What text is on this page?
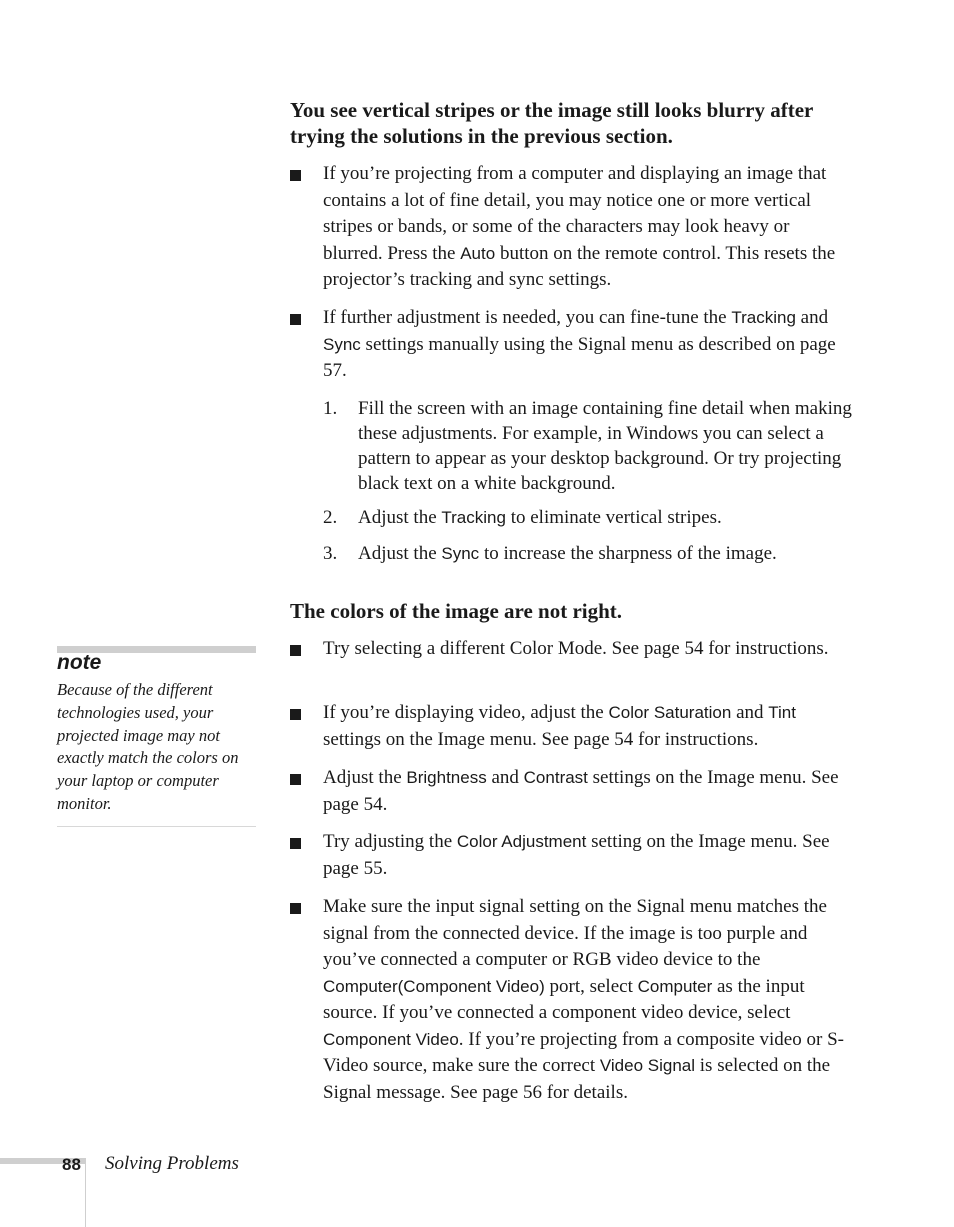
You see vertical stripes or the image still looks blurry after trying the solutions in the previous section.
If you’re projecting from a computer and displaying an image that contains a lot of fine detail, you may notice one or more vertical stripes or bands, or some of the characters may look heavy or blurred. Press the Auto button on the remote control. This resets the projector’s tracking and sync settings.
If further adjustment is needed, you can fine-tune the Tracking and Sync settings manually using the Signal menu as described on page 57.
1. Fill the screen with an image containing fine detail when making these adjustments. For example, in Windows you can select a pattern to appear as your desktop background. Or try projecting black text on a white background.
2. Adjust the Tracking to eliminate vertical stripes.
3. Adjust the Sync to increase the sharpness of the image.
The colors of the image are not right.
Try selecting a different Color Mode. See page 54 for instructions.
If you’re displaying video, adjust the Color Saturation and Tint settings on the Image menu. See page 54 for instructions.
Adjust the Brightness and Contrast settings on the Image menu. See page 54.
Try adjusting the Color Adjustment setting on the Image menu. See page 55.
Make sure the input signal setting on the Signal menu matches the signal from the connected device. If the image is too purple and you’ve connected a computer or RGB video device to the Computer(Component Video) port, select Computer as the input source. If you’ve connected a component video device, select Component Video. If you’re projecting from a composite video or S-Video source, make sure the correct Video Signal is selected on the Signal message. See page 56 for details.
note
Because of the different technologies used, your projected image may not exactly match the colors on your laptop or computer monitor.
88 Solving Problems
